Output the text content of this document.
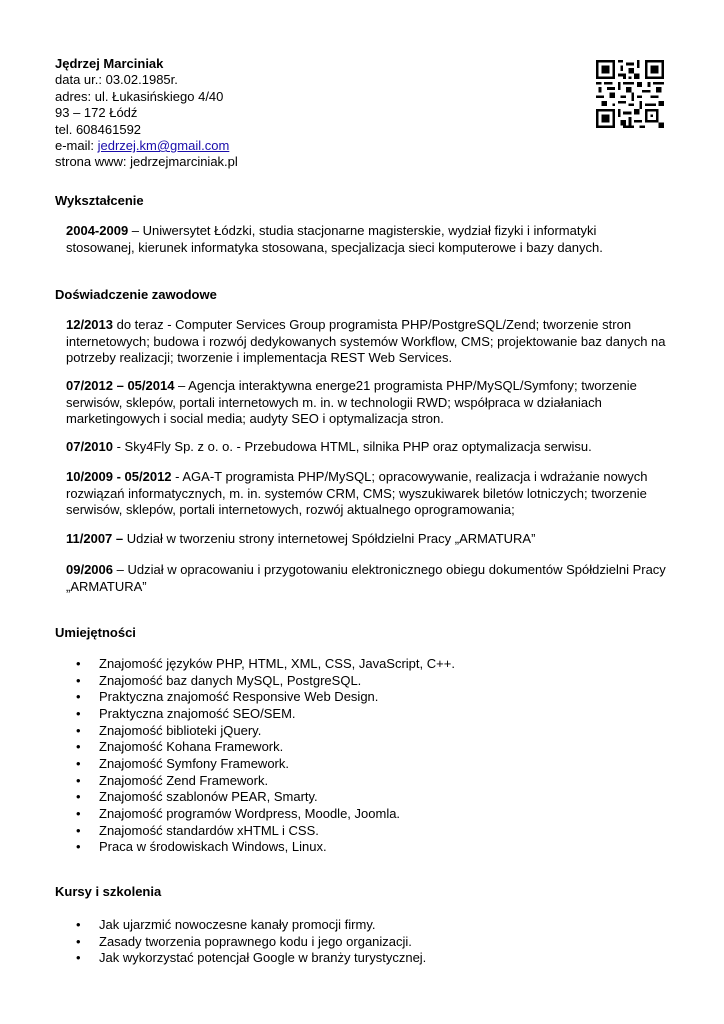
Jędrzej Marciniak
data ur.: 03.02.1985r.
adres: ul. Łukasińskiego 4/40
93 – 172 Łódź
tel. 608461592
e-mail: jedrzej.km@gmail.com
strona www: jedrzejmarciniak.pl
Wykształcenie
2004-2009 – Uniwersytet Łódzki, studia stacjonarne magisterskie, wydział fizyki i informatyki stosowanej, kierunek informatyka stosowana, specjalizacja sieci komputerowe i bazy danych.
Doświadczenie zawodowe
12/2013 do teraz - Computer Services Group programista PHP/PostgreSQL/Zend; tworzenie stron internetowych; budowa i rozwój dedykowanych systemów Workflow, CMS; projektowanie baz danych na potrzeby realizacji; tworzenie i implementacja REST Web Services.
07/2012 – 05/2014 – Agencja interaktywna energe21 programista PHP/MySQL/Symfony; tworzenie serwisów, sklepów, portali internetowych m. in. w technologii RWD; współpraca w działaniach marketingowych i social media; audyty SEO i optymalizacja stron.
07/2010 - Sky4Fly Sp. z o. o. - Przebudowa HTML, silnika PHP oraz optymalizacja serwisu.
10/2009 - 05/2012 - AGA-T programista PHP/MySQL; opracowywanie, realizacja i wdrażanie nowych rozwiązań informatycznych, m. in. systemów CRM, CMS; wyszukiwarek biletów lotniczych; tworzenie serwisów, sklepów, portali internetowych, rozwój aktualnego oprogramowania;
11/2007 – Udział w tworzeniu strony internetowej Spółdzielni Pracy „ARMATURA”
09/2006 – Udział w opracowaniu i przygotowaniu elektronicznego obiegu dokumentów Spółdzielni Pracy „ARMATURA”
Umiejętności
• Znajomość języków PHP, HTML, XML, CSS, JavaScript, C++.
• Znajomość baz danych MySQL, PostgreSQL.
• Praktyczna znajomość Responsive Web Design.
• Praktyczna znajomość SEO/SEM.
• Znajomość biblioteki jQuery.
• Znajomość Kohana Framework.
• Znajomość Symfony Framework.
• Znajomość Zend Framework.
• Znajomość szablonów PEAR, Smarty.
• Znajomość programów Wordpress, Moodle, Joomla.
• Znajomość standardów xHTML i CSS.
• Praca w środowiskach Windows, Linux.
Kursy i szkolenia
• Jak ujarzmić nowoczesne kanały promocji firmy.
• Zasady tworzenia poprawnego kodu i jego organizacji.
• Jak wykorzystać potencjał Google w branży turystycznej.
